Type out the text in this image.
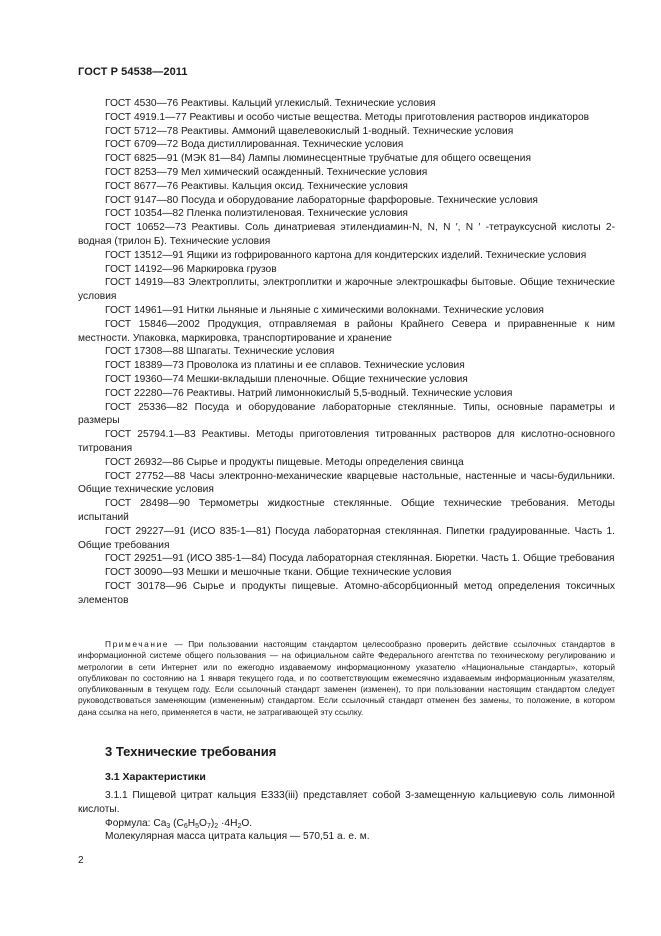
ГОСТ Р 54538—2011

ГОСТ 4530—76 Реактивы. Кальций углекислый. Технические условия

ГОСТ 4919.1—77 Реактивы и особо чистые вещества. Методы приготовления растворов индикаторов

ГОСТ 5712—78 Реактивы. Аммоний щавелевокислый 1-водный. Технические условия

ГОСТ 6709—72 Вода дистиллированная. Технические условия

ГОСТ 6825—91 (МЭК 81—84) Лампы люминесцентные трубчатые для общего освещения

ГОСТ 8253—79 Мел химический осажденный. Технические условия

ГОСТ 8677—76 Реактивы. Кальция оксид. Технические условия

ГОСТ 9147—80 Посуда и оборудование лабораторные фарфоровые. Технические условия

ГОСТ 10354—82 Пленка полиэтиленовая. Технические условия

ГОСТ 10652—73 Реактивы. Соль динатриевая этилендиамин-N, N, N ′, N ′ -тетрауксусной кислоты 2-водная (трилон Б). Технические условия

ГОСТ 13512—91 Ящики из гофрированного картона для кондитерских изделий. Технические условия

ГОСТ 14192—96 Маркировка грузов

ГОСТ 14919—83 Электроплиты, электроплитки и жарочные электрошкафы бытовые. Общие технические условия

ГОСТ 14961—91 Нитки льняные и льняные с химическими волокнами. Технические условия

ГОСТ 15846—2002 Продукция, отправляемая в районы Крайнего Севера и приравненные к ним местности. Упаковка, маркировка, транспортирование и хранение

ГОСТ 17308—88 Шпагаты. Технические условия

ГОСТ 18389—73 Проволока из платины и ее сплавов. Технические условия

ГОСТ 19360—74 Мешки-вкладыши пленочные. Общие технические условия

ГОСТ 22280—76 Реактивы. Натрий лимоннокислый 5,5-водный. Технические условия

ГОСТ 25336—82 Посуда и оборудование лабораторные стеклянные. Типы, основные параметры и размеры

ГОСТ 25794.1—83 Реактивы. Методы приготовления титрованных растворов для кислотно-основного титрования

ГОСТ 26932—86 Сырье и продукты пищевые. Методы определения свинца

ГОСТ 27752—88 Часы электронно-механические кварцевые настольные, настенные и часы-будильники. Общие технические условия

ГОСТ 28498—90 Термометры жидкостные стеклянные. Общие технические требования. Методы испытаний

ГОСТ 29227—91 (ИСО 835-1—81) Посуда лабораторная стеклянная. Пипетки градуированные. Часть 1. Общие требования

ГОСТ 29251—91 (ИСО 385-1—84) Посуда лабораторная стеклянная. Бюретки. Часть 1. Общие требования

ГОСТ 30090—93 Мешки и мешочные ткани. Общие технические условия

ГОСТ 30178—96 Сырье и продукты пищевые. Атомно-абсорбционный метод определения токсичных элементов

Примечание — При пользовании настоящим стандартом целесообразно проверить действие ссылочных стандартов в информационной системе общего пользования — на официальном сайте Федерального агентства по техническому регулированию и метрологии в сети Интернет или по ежегодно издаваемому информационному указателю «Национальные стандарты», который опубликован по состоянию на 1 января текущего года, и по соответствующим ежемесячно издаваемым информационным указателям, опубликованным в текущем году. Если ссылочный стандарт заменен (изменен), то при пользовании настоящим стандартом следует руководствоваться заменяющим (измененным) стандартом. Если ссылочный стандарт отменен без замены, то положение, в котором дана ссылка на него, применяется в части, не затрагивающей эту ссылку.

3 Технические требования
3.1 Характеристики

3.1.1 Пищевой цитрат кальция Е333(iii) представляет собой 3-замещенную кальциевую соль лимонной кислоты.

Формула: $Ca_3$ $(C_6H_5O_7)_2 \cdot 4H_2O$.

Молекулярная масса цитрата кальция — 570,51 а. е. м.

2
